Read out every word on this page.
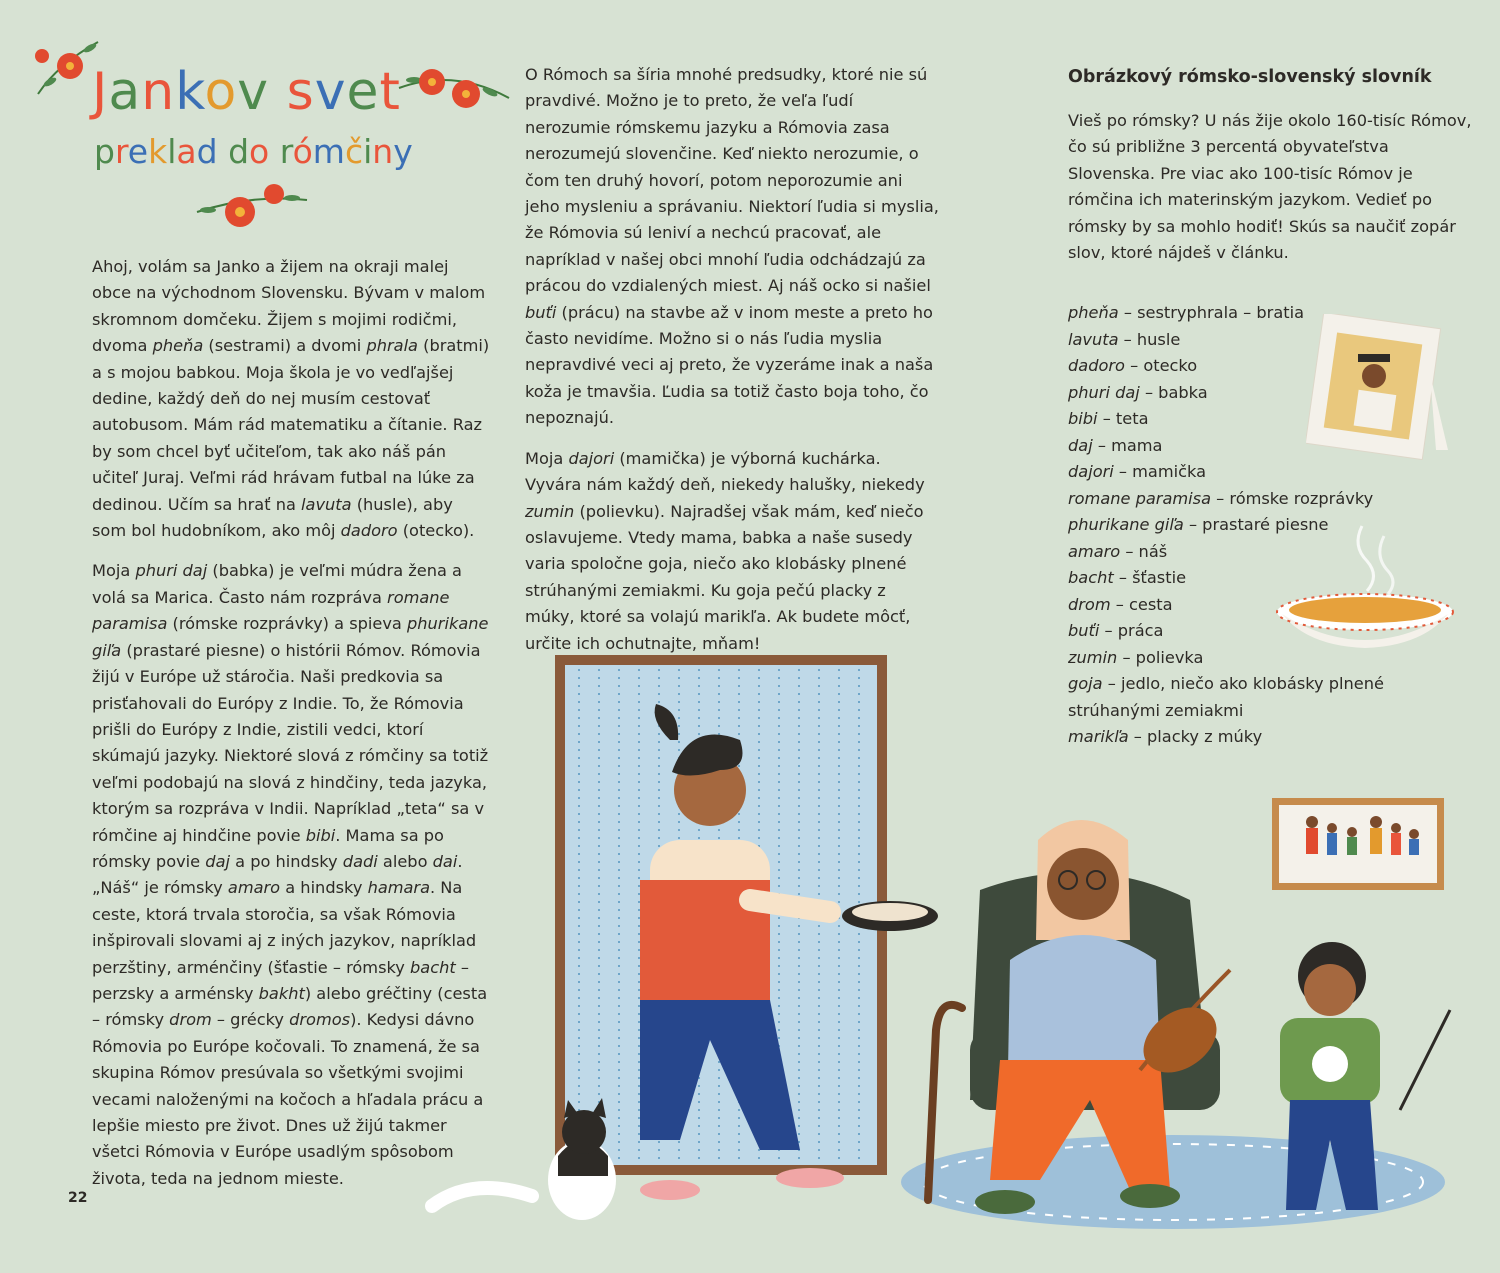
Jankov svet
preklad do rómčiny

Ahoj, volám sa Janko a žijem na okraji malej obce na východnom Slovensku. Bývam v malom skromnom domčeku. Žijem s mojimi rodičmi, dvoma pheňa (sestrami) a dvomi phrala (bratmi) a s mojou babkou. Moja škola je vo vedľajšej dedine, každý deň do nej musím cestovať autobusom. Mám rád matematiku a čítanie. Raz by som chcel byť učiteľom, tak ako náš pán učiteľ Juraj. Veľmi rád hrávam futbal na lúke za dedinou. Učím sa hrať na lavuta (husle), aby som bol hudobníkom, ako môj dadoro (otecko).

Moja phuri daj (babka) je veľmi múdra žena a volá sa Marica. Často nám rozpráva romane paramisa (rómske rozprávky) a spieva phurikane giľa (prastaré piesne) o histórii Rómov. Rómovia žijú v Európe už stáročia. Naši predkovia sa prisťahovali do Európy z Indie. To, že Rómovia prišli do Európy z Indie, zistili vedci, ktorí skúmajú jazyky. Niektoré slová z rómčiny sa totiž veľmi podobajú na slová z hindčiny, teda jazyka, ktorým sa rozpráva v Indii. Napríklad „teta“ sa v rómčine aj hindčine povie bibi. Mama sa po rómsky povie daj a po hindsky dadi alebo dai. „Náš“ je rómsky amaro a hindsky hamara. Na ceste, ktorá trvala storočia, sa však Rómovia inšpirovali slovami aj z iných jazykov, napríklad perzštiny, arménčiny (šťastie – rómsky bacht – perzsky a arménsky bakht) alebo gréčtiny (cesta – rómsky drom – grécky dromos). Kedysi dávno Rómovia po Európe kočovali. To znamená, že sa skupina Rómov presúvala so všetkými svojimi vecami naloženými na kočoch a hľadala prácu a lepšie miesto pre život. Dnes už žijú takmer všetci Rómovia v Európe usadlým spôsobom života, teda na jednom mieste.

O Rómoch sa šíria mnohé predsudky, ktoré nie sú pravdivé. Možno je to preto, že veľa ľudí nerozumie rómskemu jazyku a Rómovia zasa nerozumejú slovenčine. Keď niekto nerozumie, o čom ten druhý hovorí, potom neporozumie ani jeho mysleniu a správaniu. Niektorí ľudia si myslia, že Rómovia sú leniví a nechcú pracovať, ale napríklad v našej obci mnohí ľudia odchádzajú za prácou do vzdialených miest. Aj náš ocko si našiel buťi (prácu) na stavbe až v inom meste a preto ho často nevidíme. Možno si o nás ľudia myslia nepravdivé veci aj preto, že vyzeráme inak a naša koža je tmavšia. Ľudia sa totiž často boja toho, čo nepoznajú.

Moja dajori (mamička) je výborná kuchárka. Vyvára nám každý deň, niekedy halušky, niekedy zumin (polievku). Najradšej však mám, keď niečo oslavujeme. Vtedy mama, babka a naše susedy varia spoločne goja, niečo ako klobásky plnené strúhanými zemiakmi. Ku goja pečú placky z múky, ktoré sa volajú marikľa. Ak budete môcť, určite ich ochutnajte, mňam!

Obrázkový rómsko-slovenský slovník

Vieš po rómsky? U nás žije okolo 160-tisíc Rómov, čo sú približne 3 percentá obyvateľstva Slovenska. Pre viac ako 100-tisíc Rómov je rómčina ich materinským jazykom. Vedieť po rómsky by sa mohlo hodiť! Skús sa naučiť zopár slov, ktoré nájdeš v článku.

pheňa – sestryphrala – bratia
lavuta – husle
dadoro – otecko
phuri daj – babka
bibi – teta
daj – mama
dajori – mamička
romane paramisa – rómske rozprávky
phurikane giľa – prastaré piesne
amaro – náš
bacht – šťastie
drom – cesta
buťi – práca
zumin – polievka
goja – jedlo, niečo ako klobásky plnené strúhanými zemiakmi
marikľa – placky z múky
22
